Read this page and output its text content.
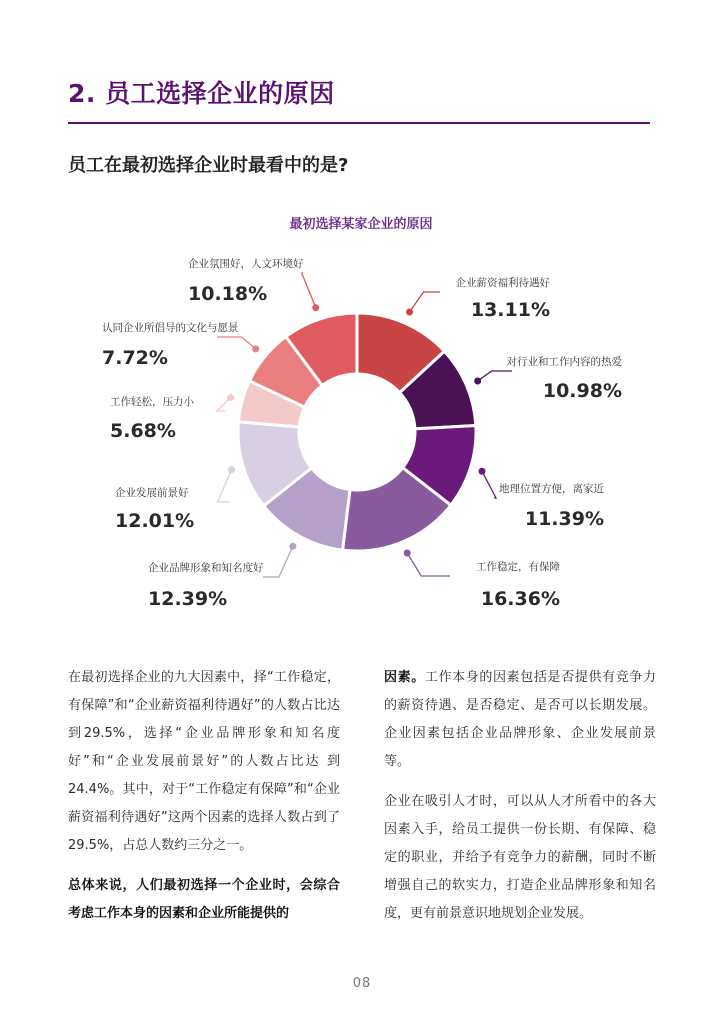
2. 员工选择企业的原因
员工在最初选择企业时最看中的是?
最初选择某家企业的原因
企业薪资福利待遇好
13.11%
对行业和工作内容的热爱
10.98%
地理位置方便，离家近
11.39%
工作稳定，有保障
16.36%
企业品牌形象和知名度好
12.39%
企业发展前景好
12.01%
工作轻松，压力小
5.68%
认同企业所倡导的文化与愿景
7.72%
企业氛围好，人文环境好
10.18%

在最初选择企业的九大因素中，择“工作稳定，有保障”和“企业薪资福利待遇好”的人数占比达到29.5%，选择“企业品牌形象和知名度好”和“企业发展前景好”的人数占比达 到24.4%。其中，对于“工作稳定有保障”和“企业薪资福利待遇好”这两个因素的选择人数占到了29.5%，占总人数约三分之一。

总体来说，人们最初选择一个企业时，会综合考虑工作本身的因素和企业所能提供的

因素。工作本身的因素包括是否提供有竞争力的薪资待遇、是否稳定、是否可以长期发展。企业因素包括企业品牌形象、企业发展前景等。

企业在吸引人才时，可以从人才所看中的各大因素入手，给员工提供一份长期、有保障、稳定的职业，并给予有竞争力的薪酬，同时不断增强自己的软实力，打造企业品牌形象和知名度，更有前景意识地规划企业发展。

08
